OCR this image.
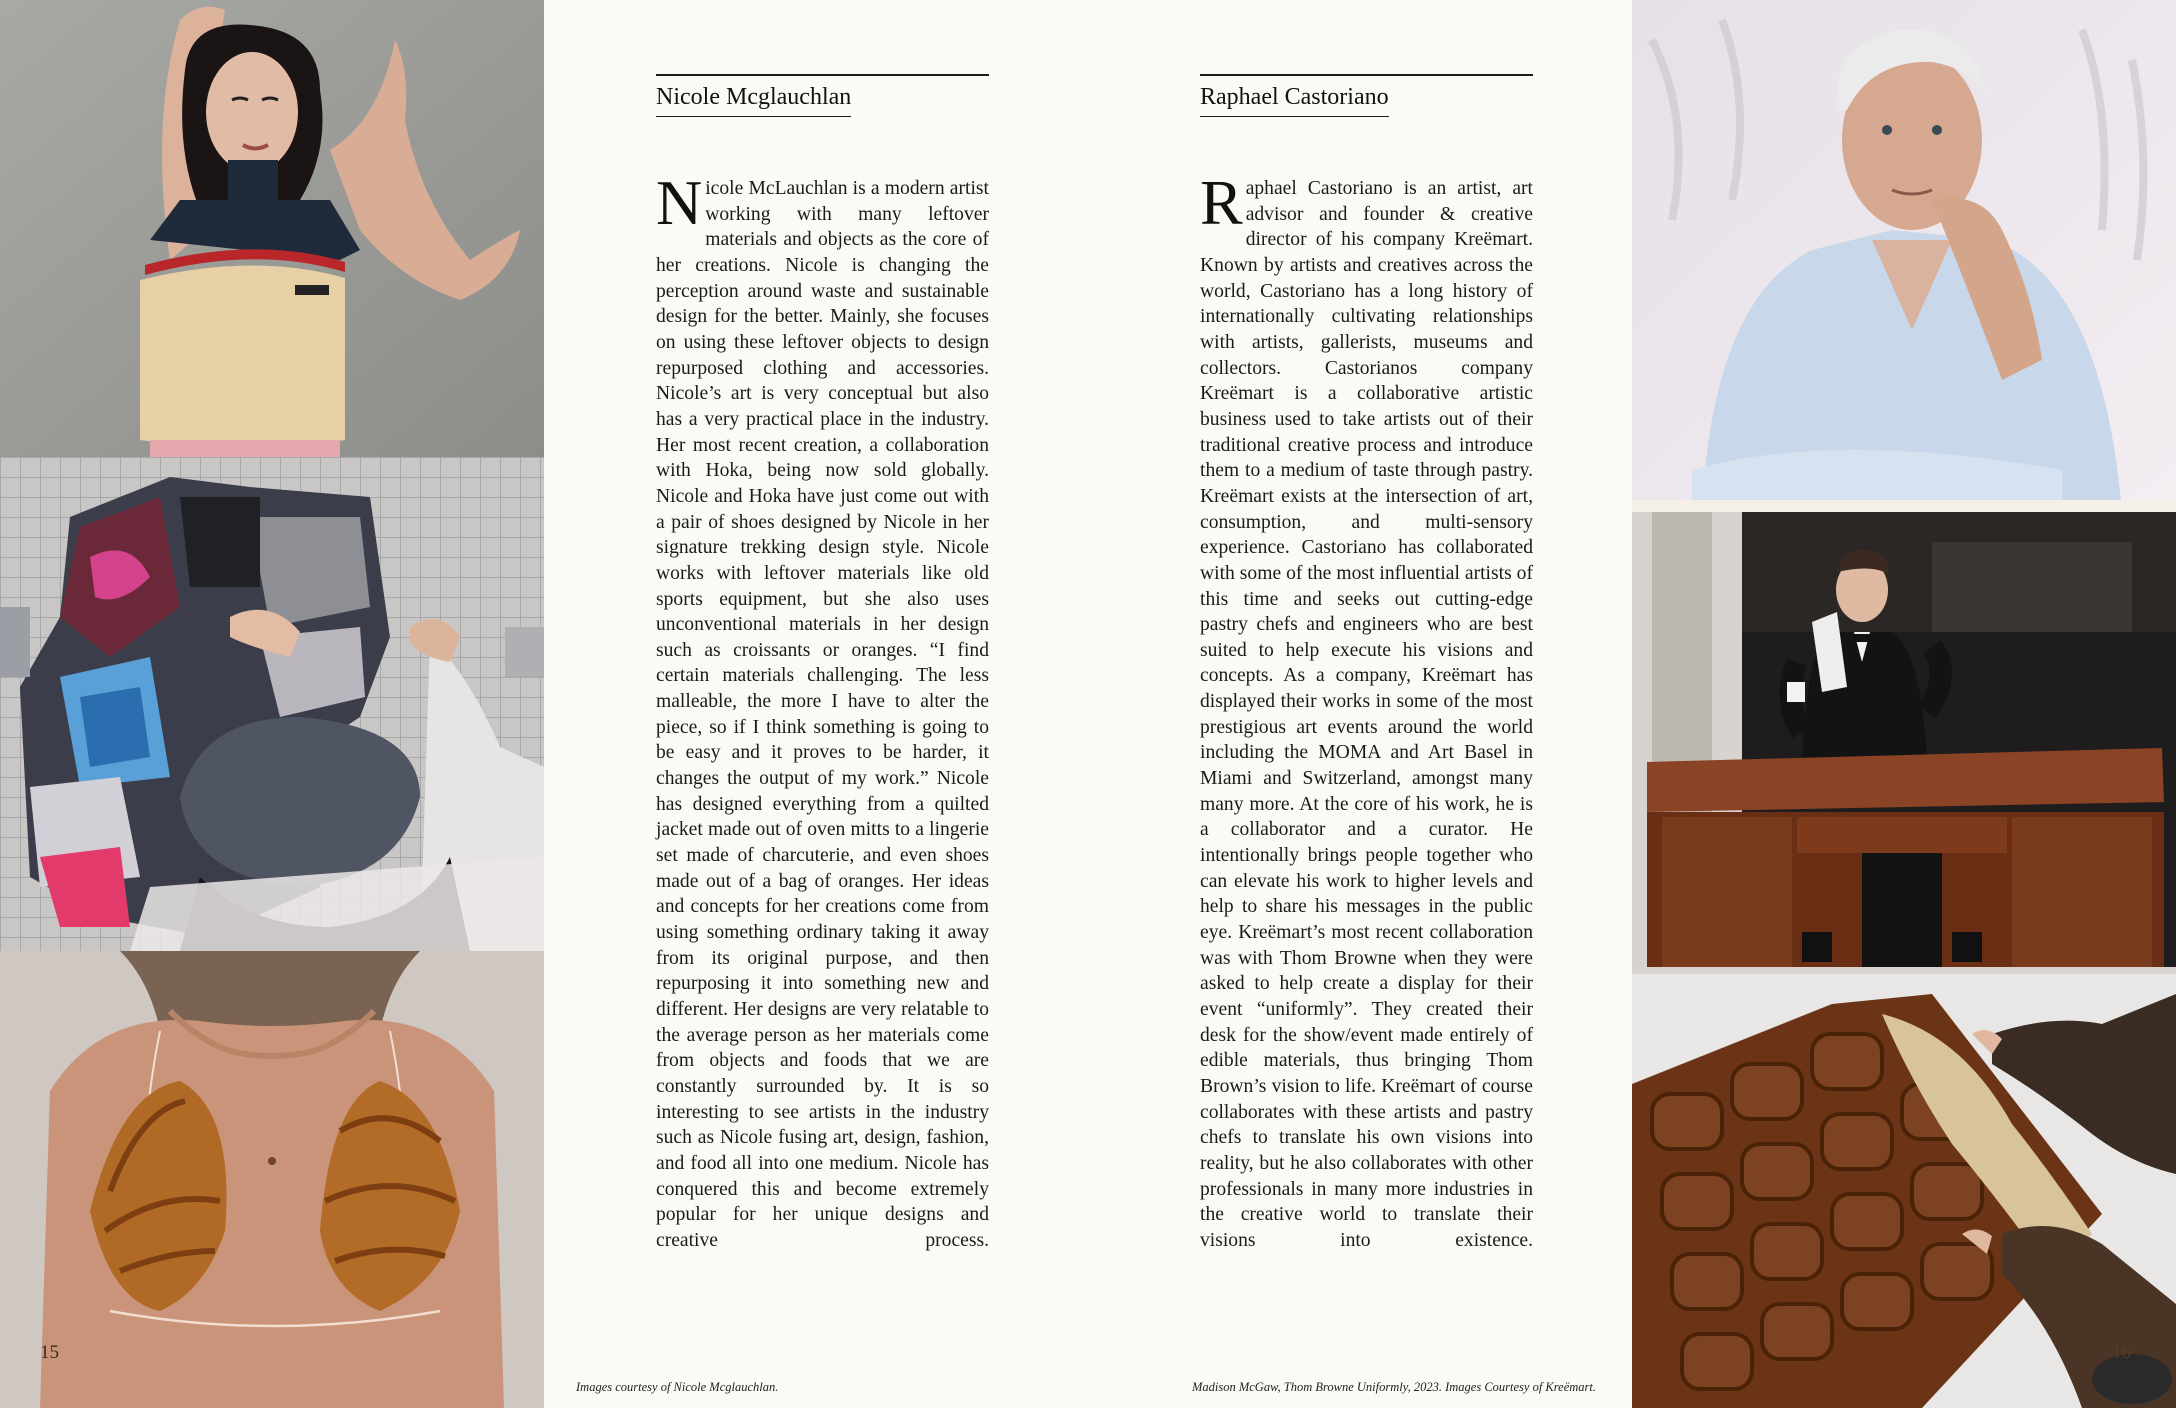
15
Nicole Mcglauchlan
Nicole McLauchlan is a modern artist working with many leftover materials and objects as the core of her creations. Nicole is changing the perception around waste and sustainable design for the better. Mainly, she focuses on using these leftover objects to design repurposed clothing and accessories. Nicole’s art is very conceptual but also has a very practical place in the industry. Her most recent creation, a collaboration with Hoka, being now sold globally. Nicole and Hoka have just come out with a pair of shoes designed by Nicole in her signature trekking design style. Nicole works with leftover materials like old sports equipment, but she also uses unconventional materials in her design such as croissants or oranges. “I find certain materials challenging. The less malleable, the more I have to alter the piece, so if I think something is going to be easy and it proves to be harder, it changes the output of my work.” Nicole has designed everything from a quilted jacket made out of oven mitts to a lingerie set made of charcuterie, and even shoes made out of a bag of oranges. Her ideas and concepts for her creations come from using something ordinary taking it away from its original purpose, and then repurposing it into something new and different. Her designs are very relatable to the average person as her materials come from objects and foods that we are constantly surrounded by. It is so interesting to see artists in the industry such as Nicole fusing art, design, fashion, and food all into one medium. Nicole has conquered this and become extremely popular for her unique designs and creative process.
Raphael Castoriano
Raphael Castoriano is an artist, art advisor and founder & creative director of his company Kreëmart. Known by artists and creatives across the world, Castoriano has a long history of internationally cultivating relationships with artists, gallerists, museums and collectors. Castorianos company Kreëmart is a collaborative artistic business used to take artists out of their traditional creative process and introduce them to a medium of taste through pastry. Kreëmart exists at the intersection of art, consumption, and multi-sensory experience. Castoriano has collaborated with some of the most influential artists of this time and seeks out cutting-edge pastry chefs and engineers who are best suited to help execute his visions and concepts. As a company, Kreëmart has displayed their works in some of the most prestigious art events around the world including the MOMA and Art Basel in Miami and Switzerland, amongst many many more. At the core of his work, he is a collaborator and a curator. He intentionally brings people together who can elevate his work to higher levels and help to share his messages in the public eye. Kreëmart’s most recent collaboration was with Thom Browne when they were asked to help create a display for their event “uniformly”. They created their desk for the show/event made entirely of edible materials, thus bringing Thom Brown’s vision to life. Kreëmart of course collaborates with these artists and pastry chefs to translate his own visions into reality, but he also collaborates with other professionals in many more industries in the creative world to translate their visions into existence.
Images courtesy of Nicole Mcglauchlan.	Madison McGaw, Thom Browne Uniformly, 2023. Images Courtesy of Kreëmart.
16
